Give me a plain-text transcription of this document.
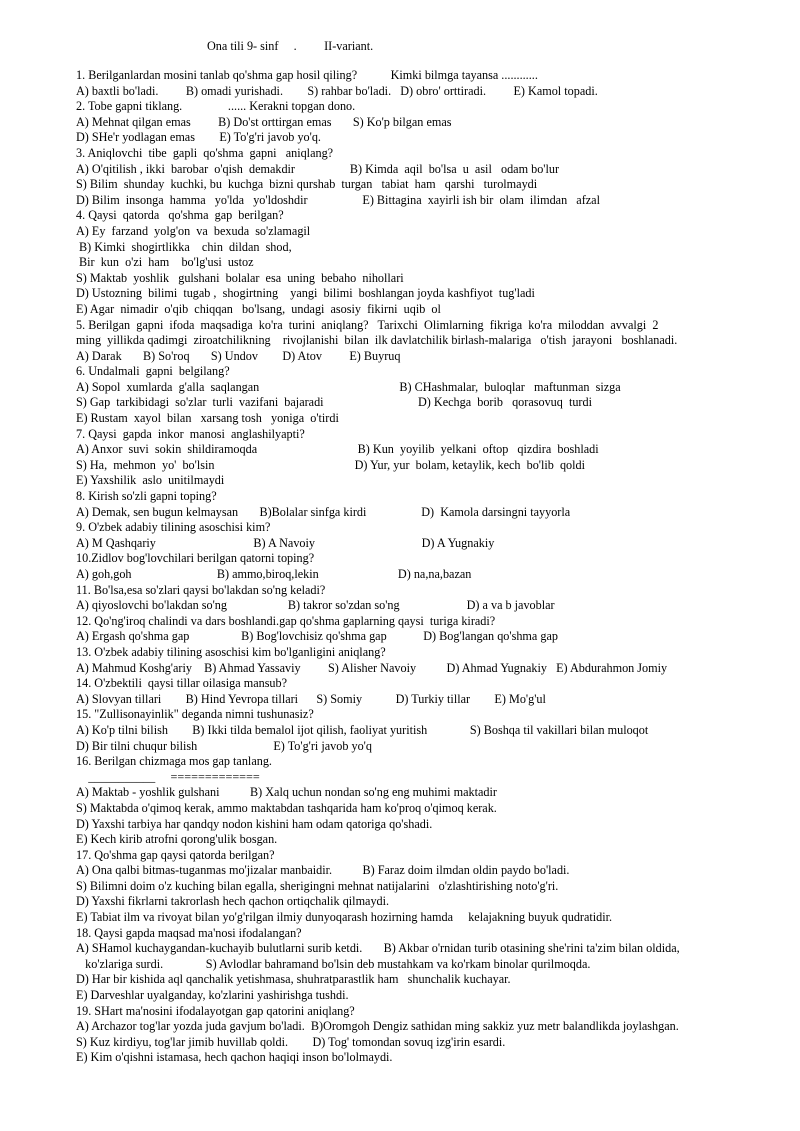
Ona tili 9- sinf     .         II-variant.
1. Berilganlardan mosini tanlab qo'shma gap hosil qiling?           Kimki bilmga tayansa ............
A) baxtli bo'ladi.         B) omadi yurishadi.        S) rahbar bo'ladi.   D) obro' orttiradi.         E) Kamol topadi.
2. Tobe gapni tiklang.               ...... Kerakni topgan dono.
A) Mehnat qilgan emas         B) Do'st orttirgan emas       S) Ko'p bilgan emas
D) SHe'r yodlagan emas        E) To'g'ri javob yo'q.
3. Aniqlovchi  tibe  gapli  qo'shma  gapni   aniqlang?
A) O'qitilish , ikki  barobar  o'qish  demakdir                  B) Kimda  aqil  bo'lsa  u  asil   odam bo'lur
S) Bilim  shunday  kuchki, bu  kuchga  bizni qurshab  turgan   tabiat  ham   qarshi   turolmaydi
D) Bilim  insonga  hamma   yo'lda   yo'ldoshdir                  E) Bittagina  xayirli ish bir  olam  ilimdan   afzal
4. Qaysi  qatorda   qo'shma  gap  berilgan?
A) Ey  farzand  yolg'on  va  bexuda  so'zlamagil
B) Kimki  shogirtlikka    chin  dildan  shod,
Bir  kun  o'zi  ham    bo'lg'usi  ustoz
S) Maktab  yoshlik   gulshani  bolalar  esa  uning  bebaho  nihollari
D) Ustozning  bilimi  tugab ,  shogirtning    yangi  bilimi  boshlangan joyda kashfiyot  tug'ladi
E) Agar  nimadir  o'qib  chiqqan   bo'lsang,  undagi  asosiy  fikirni  uqib  ol
5. Berilgan  gapni  ifoda  maqsadiga  ko'ra  turini  aniqlang?   Tarixchi  Olimlarning  fikriga  ko'ra  miloddan  avvalgi  2
ming  yillikda qadimgi  ziroatchilikning    rivojlanishi  bilan  ilk davlatchilik birlash-malariga   o'tish  jarayoni   boshlanadi.
A) Darak       B) So'roq       S) Undov        D) Atov         E) Buyruq
6. Undalmali  gapni  belgilang?
A) Sopol  xumlarda  g'alla  saqlangan                                              B) CHashmalar,  buloqlar   maftunman  sizga
S) Gap  tarkibidagi  so'zlar  turli  vazifani  bajaradi                               D) Kechga  borib   qorasovuq  turdi
E) Rustam  xayol  bilan   xarsang tosh   yoniga  o'tirdi
7. Qaysi  gapda  inkor  manosi  anglashilyapti?
A) Anxor  suvi  sokin  shildiramoqda                                 B) Kun  yoyilib  yelkani  oftop   qizdira  boshladi
S) Ha,  mehmon  yo'  bo'lsin                                              D) Yur, yur  bolam, ketaylik, kech  bo'lib  qoldi
E) Yaxshilik  aslo  unitilmaydi
8. Kirish so'zli gapni toping?
A) Demak, sen bugun kelmaysan       B)Bolalar sinfga kirdi                  D)  Kamola darsingni tayyorla
9. O'zbek adabiy tilining asoschisi kim?
A) M Qashqariy                                B) A Navoiy                                   D) A Yugnakiy
10.Zidlov bog'lovchilari berilgan qatorni toping?
A) goh,goh                            B) ammo,biroq,lekin                          D) na,na,bazan
11. Bo'lsa,esa so'zlari qaysi bo'lakdan so'ng keladi?
A) qiyoslovchi bo'lakdan so'ng                    B) takror so'zdan so'ng                      D) a va b javoblar
12. Qo'ng'iroq chalindi va dars boshlandi.gap qo'shma gaplarning qaysi  turiga kiradi?
A) Ergash qo'shma gap                 B) Bog'lovchisiz qo'shma gap            D) Bog'langan qo'shma gap
13. O'zbek adabiy tilining asoschisi kim bo'lganligini aniqlang?
A) Mahmud Koshg'ariy    B) Ahmad Yassaviy         S) Alisher Navoiy          D) Ahmad Yugnakiy   E) Abdurahmon Jomiy
14. O'zbektili  qaysi tillar oilasiga mansub?
A) Slovyan tillari        B) Hind Yevropa tillari      S) Somiy           D) Turkiy tillar        E) Mo'g'ul
15. "Zullisonayinlik" deganda nimni tushunasiz?
A) Ko'p tilni bilish        B) Ikki tilda bemalol ijot qilish, faoliyat yuritish              S) Boshqa til vakillari bilan muloqot
D) Bir tilni chuqur bilish                         E) To'g'ri javob yo'q
16. Berilgan chizmaga mos gap tanlang.
___________     =============
A) Maktab - yoshlik gulshani          B) Xalq uchun nondan so'ng eng muhimi maktadir
S) Maktabda o'qimoq kerak, ammo maktabdan tashqarida ham ko'proq o'qimoq kerak.
D) Yaxshi tarbiya har qandqy nodon kishini ham odam qatoriga qo'shadi.
E) Kech kirib atrofni qorong'ulik bosgan.
17. Qo'shma gap qaysi qatorda berilgan?
A) Ona qalbi bitmas-tuganmas mo'jizalar manbaidir.          B) Faraz doim ilmdan oldin paydo bo'ladi.
S) Bilimni doim o'z kuching bilan egalla, sherigingni mehnat natijalarini   o'zlashtirishing noto'g'ri.
D) Yaxshi fikrlarni takrorlash hech qachon ortiqchalik qilmaydi.
E) Tabiat ilm va rivoyat bilan yo'g'rilgan ilmiy dunyoqarash hozirning hamda     kelajakning buyuk qudratidir.
18. Qaysi gapda maqsad ma'nosi ifodalangan?
A) SHamol kuchaygandan-kuchayib bulutlarni surib ketdi.       B) Akbar o'rnidan turib otasining she'rini ta'zim bilan oldida,
ko'zlariga surdi.              S) Avlodlar bahramand bo'lsin deb mustahkam va ko'rkam binolar qurilmoqda.
D) Har bir kishida aql qanchalik yetishmasa, shuhratparastlik ham   shunchalik kuchayar.
E) Darveshlar uyalganday, ko'zlarini yashirishga tushdi.
19. SHart ma'nosini ifodalayotgan gap qatorini aniqlang?
A) Archazor tog'lar yozda juda gavjum bo'ladi.  B)Oromgoh Dengiz sathidan ming sakkiz yuz metr balandlikda joylashgan.
S) Kuz kirdiyu, tog'lar jimib huvillab qoldi.        D) Tog' tomondan sovuq izg'irin esardi.
E) Kim o'qishni istamasa, hech qachon haqiqi inson bo'lolmaydi.
